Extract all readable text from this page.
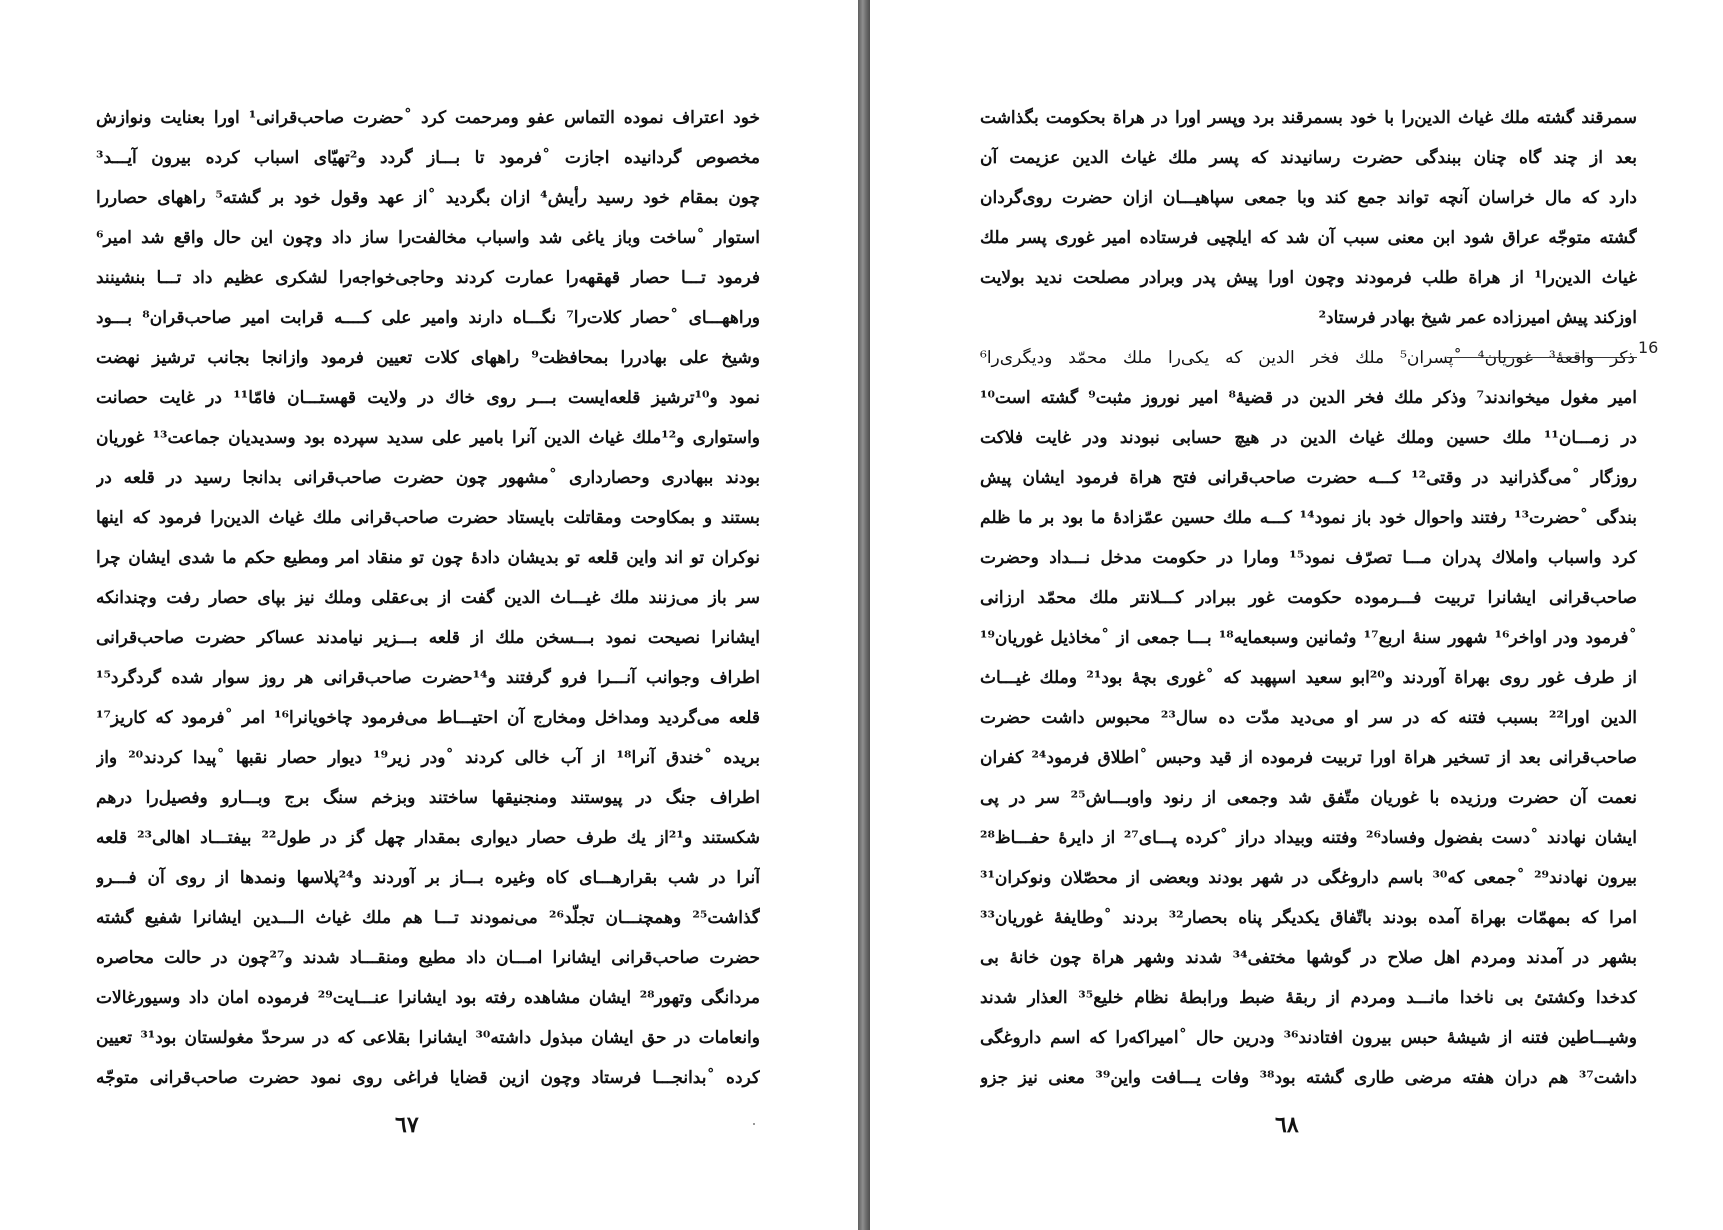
خود اعتراف نموده التماس عفو ومرحمت کرد ˚حضرت صاحب‌قرانی¹ اورا بعنایت ونوازش
مخصوص گردانیده اجازت ˚فرمود تا بـــاز گردد و²تهیّای اسباب کرده بیرون آیـــد³
چون بمقام خود رسید رأیش⁴ ازان بگردید ˚از عهد وقول خود بر گشته⁵ راههای حصاررا
استوار ˚ساخت وباز یاغی شد واسباب مخالفت‌را ساز داد وچون این حال واقع شد امیر⁶
فرمود تـــا حصار قهقهه‌را عمارت کردند وحاجی‌خواجه‌را لشکری عظیم داد تـــا بنشینند
وراههـــای ˚حصار کلات‌را⁷ نگـــاه دارند وامیر علی کــــه قرابت امیر صاحب‌قران⁸ بـــود
وشیخ علی بهادررا بمحافظت⁹ راههای کلات تعیین فرمود وازانجا بجانب ترشیز نهضت
نمود و¹⁰ترشیز قلعه‌ایست بـــر روی خاك در ولایت قهستـــان فامّا¹¹ در غایت حصانت
واستواری و¹²ملك غیاث الدین آنرا بامیر علی سدید سپرده بود وسدیدیان جماعت¹³ غوریان
بودند ببهادری وحصارداری ˚مشهور چون حضرت صاحب‌قرانی بدانجا رسید در قلعه در
بستند و بمکاوحت ومقاتلت بایستاد حضرت صاحب‌قرانی ملك غیاث الدین‌را فرمود که اینها
نوکران تو اند واین قلعه تو بدیشان دادهٔ چون تو منقاد امر ومطیع حکم ما شدی ایشان چرا
سر باز می‌زنند ملك غیـــاث الدین گفت از بی‌عقلی وملك نیز بپای حصار رفت وچندانکه
ایشانرا نصیحت نمود بـــسخن ملك از قلعه بـــزیر نیامدند عساکر حضرت صاحب‌قرانی
اطراف وجوانب آنـــرا فرو گرفتند و¹⁴حضرت صاحب‌قرانی هر روز سوار شده گردگرد¹⁵
قلعه می‌گردید ومداخل ومخارج آن احتیـــاط می‌فرمود چاخویانرا¹⁶ امر ˚فرمود که کاریز¹⁷
بریده ˚خندق آنرا¹⁸ از آب خالی کردند ˚ودر زیر¹⁹ دیوار حصار نقبها ˚پیدا کردند²⁰ واز
اطراف جنگ در پیوستند ومنجنیقها ساختند وبزخم سنگ برج وبـــارو وفصیل‌را درهم
شکستند و²¹از یك طرف حصار دیواری بمقدار چهل گز در طول²² بیفتـــاد اهالی²³ قلعه
آنرا در شب بقرارهـــای کاه وغیره بـــاز بر آوردند و²⁴پلاسها ونمدها از روی آن فـــرو
گذاشت²⁵ وهمچنـــان تجلّد²⁶ می‌نمودند تـــا هم ملك غیاث الـــدین ایشانرا شفیع گشته
حضرت صاحب‌قرانی ایشانرا امـــان داد مطیع ومنقـــاد شدند و²⁷چون در حالت محاصره
مردانگی وتهور²⁸ ایشان مشاهده رفته بود ایشانرا عنـــایت²⁹ فرموده امان داد وسیورغالات
وانعامات در حق ایشان مبذول داشته³⁰ ایشانرا بقلاعی که در سرحدّ مغولستان بود³¹ تعیین
کرده ˚بدانجـــا فرستاد وچون ازین قضایا فراغی روی نمود حضرت صاحب‌قرانی متوجّه
٦٧
16
سمرقند گشته ملك غیاث الدین‌را با خود بسمرقند برد وپسر اورا در هراة بحکومت بگذاشت
بعد از چند گاه چنان ببندگی حضرت رسانیدند که پسر ملك غیاث الدین عزیمت آن
دارد که مال خراسان آنچه تواند جمع کند وبا جمعی سپاهیـــان ازان حضرت روی‌گردان
گشته متوجّه عراق شود ابن معنی سبب آن شد که ایلچیی فرستاده امیر غوری پسر ملك
غیاث الدین‌را¹ از هراة طلب فرمودند وچون اورا پیش پدر وبرادر مصلحت ندید بولایت
اوزکند پیش امیرزاده عمر شیخ بهادر فرستاد²
ذکر واقعهٔ³ غوریان⁴ ˚پسران⁵ ملك فخر الدین که یکی‌را ملك محمّد ودیگری‌را⁶
امیر مغول میخواندند⁷ وذکر ملك فخر الدین در قضیهٔ⁸ امیر نوروز مثبت⁹ گشته است¹⁰
در زمـــان¹¹ ملك حسین وملك غیاث الدین در هیچ حسابی نبودند ودر غایت فلاکت
روزگار ˚می‌گذرانید در وقتی¹² کـــه حضرت صاحب‌قرانی فتح هراة فرمود ایشان پیش
بندگی ˚حضرت¹³ رفتند واحوال خود باز نمود¹⁴ کـــه ملك حسین عمّزادهٔ ما بود بر ما ظلم
کرد واسباب واملاك پدران مـــا تصرّف نمود¹⁵ ومارا در حکومت مدخل نـــداد وحضرت
صاحب‌قرانی ایشانرا تربیت فـــرموده حکومت غور ببرادر کـــلانتر ملك محمّد ارزانی
˚فرمود ودر اواخر¹⁶ شهور سنهٔ اربع¹⁷ وثمانین وسبعمایه¹⁸ بـــا جمعی از ˚مخاذیل غوریان¹⁹
از طرف غور روی بهراة آوردند و²⁰ابو سعید اسپهبد که ˚غوری بچهٔ بود²¹ وملك غیـــاث
الدین اورا²² بسبب فتنه که در سر او می‌دید مدّت ده سال²³ محبوس داشت حضرت
صاحب‌قرانی بعد از تسخیر هراة اورا تربیت فرموده از قید وحبس ˚اطلاق فرمود²⁴ کفران
نعمت آن حضرت ورزیده با غوریان متّفق شد وجمعی از رنود واوبـــاش²⁵ سر در پی
ایشان نهادند ˚دست بفضول وفساد²⁶ وفتنه وبیداد دراز ˚کرده پـــای²⁷ از دایرهٔ حفـــاظ²⁸
بیرون نهادند²⁹ ˚جمعی که³⁰ باسم داروغگی در شهر بودند وبعضی از محصّلان ونوکران³¹
امرا که بمهمّات بهراة آمده بودند باتّفاق یکدیگر پناه بحصار³² بردند ˚وطایفهٔ غوریان³³
بشهر در آمدند ومردم اهل صلاح در گوشها مختفی³⁴ شدند وشهر هراة چون خانهٔ بی
کدخدا وکشتیٔ بی ناخدا مانـــد ومردم از ربقهٔ ضبط ورابطهٔ نظام خلیع³⁵ العذار شدند
وشیـــاطین فتنه از شیشهٔ حبس بیرون افتادند³⁶ ودرین حال ˚امیراکه‌را که اسم داروغگی
داشت³⁷ هم دران هفته مرضی طاری گشته بود³⁸ وفات یـــافت واین³⁹ معنی نیز جزو
٦٨
